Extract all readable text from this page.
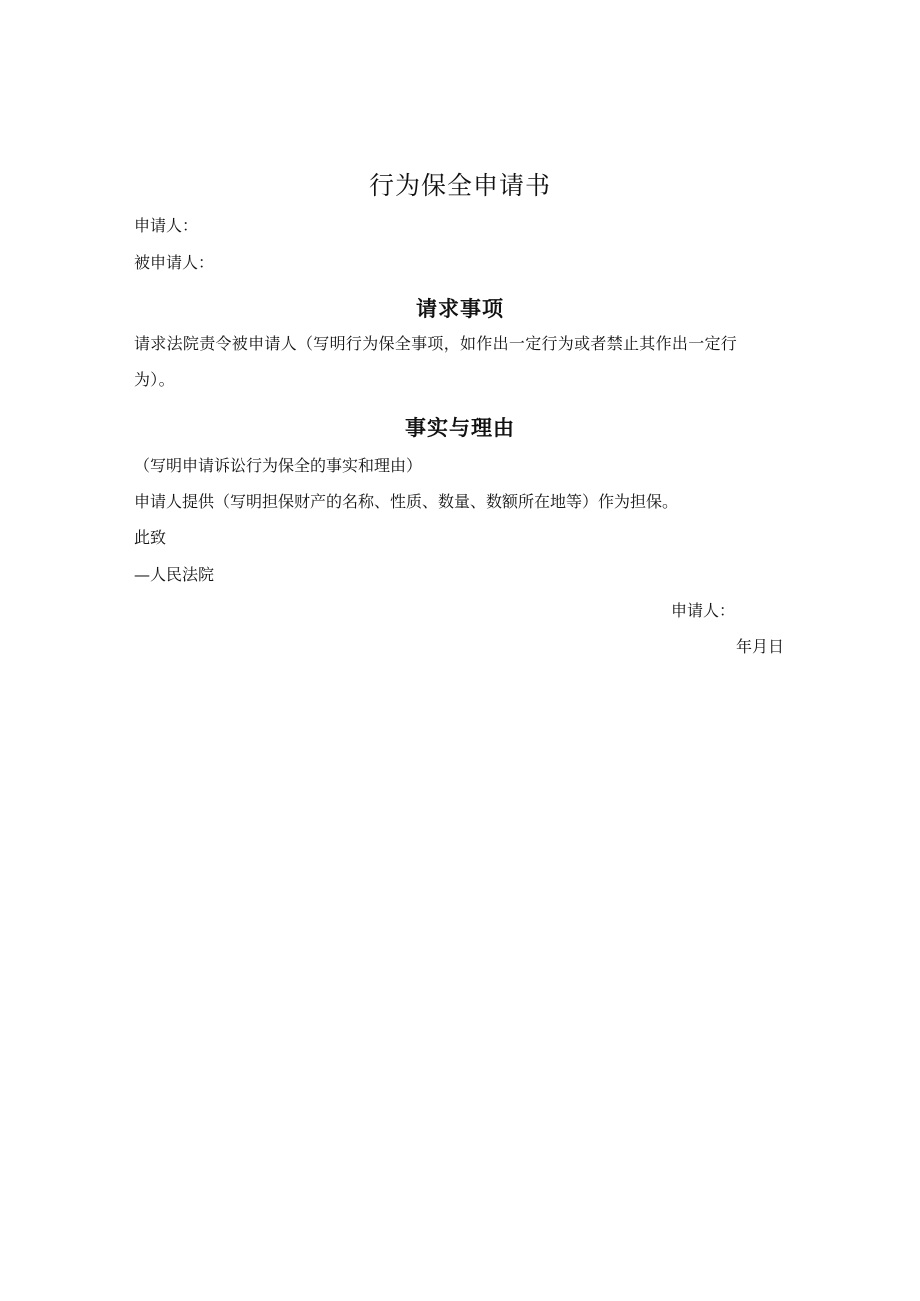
行为保全申请书
申请人：
被申请人：
请求事项
请求法院责令被申请人（写明行为保全事项，如作出一定行为或者禁止其作出一定行为）。
事实与理由
（写明申请诉讼行为保全的事实和理由）
申请人提供（写明担保财产的名称、性质、数量、数额所在地等）作为担保。
此致
—人民法院
申请人：
年月日
